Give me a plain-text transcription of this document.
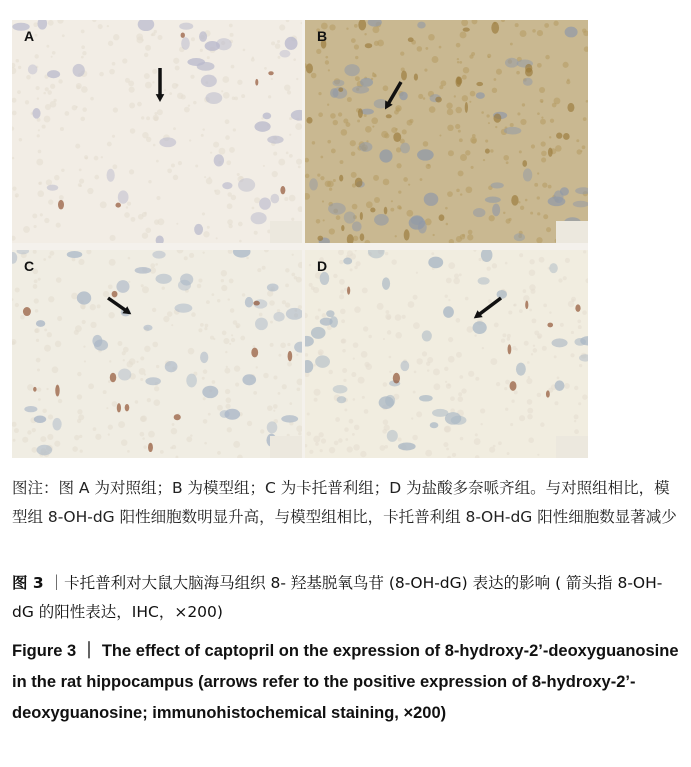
A	B
C	D
图注：图 A 为对照组；B 为模型组；C 为卡托普利组；D 为盐酸多奈哌齐组。与对照组相比，模型组 8-OH-dG 阳性细胞数明显升高，与模型组相比，卡托普利组 8-OH-dG 阳性细胞数显著减少
图 3 ｜卡托普利对大鼠大脑海马组织 8- 羟基脱氧鸟苷 (8-OH-dG) 表达的影响 ( 箭头指 8-OH-dG 的阳性表达，IHC，×200)
Figure 3 ｜ The effect of captopril on the expression of 8-hydroxy-2’-deoxyguanosine in the rat hippocampus (arrows refer to the positive expression of 8-hydroxy-2’-deoxyguanosine; immunohistochemical staining, ×200)
